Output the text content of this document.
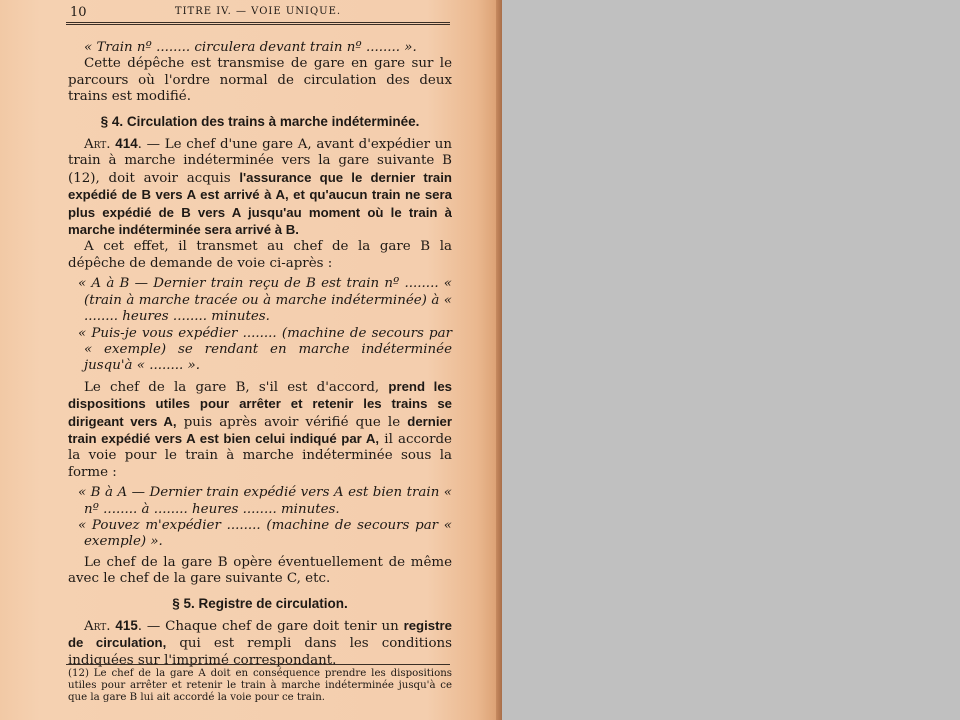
10	TITRE IV. — VOIE UNIQUE.

« Train nº ........ circulera devant train nº ........ ».

Cette dépêche est transmise de gare en gare sur le parcours où l'ordre normal de circulation des deux trains est modifié.

§ 4. Circulation des trains à marche indéterminée.

Art. 414. — Le chef d'une gare A, avant d'expédier un train à marche indéterminée vers la gare suivante B (12), doit avoir acquis l'assurance que le dernier train expédié de B vers A est arrivé à A, et qu'aucun train ne sera plus expédié de B vers A jusqu'au moment où le train à marche indéterminée sera arrivé à B.

A cet effet, il transmet au chef de la gare B la dépêche de demande de voie ci-après :

« A à B — Dernier train reçu de B est train nº ........ « (train à marche tracée ou à marche indéterminée) à « ........ heures ........ minutes.

« Puis-je vous expédier ........ (machine de secours par « exemple) se rendant en marche indéterminée jusqu'à « ........ ».

Le chef de la gare B, s'il est d'accord, prend les dispositions utiles pour arrêter et retenir les trains se dirigeant vers A, puis après avoir vérifié que le dernier train expédié vers A est bien celui indiqué par A, il accorde la voie pour le train à marche indéterminée sous la forme :

« B à A — Dernier train expédié vers A est bien train « nº ........ à ........ heures ........ minutes.

« Pouvez m'expédier ........ (machine de secours par « exemple) ».

Le chef de la gare B opère éventuellement de même avec le chef de la gare suivante C, etc.

§ 5. Registre de circulation.

Art. 415. — Chaque chef de gare doit tenir un registre de circulation, qui est rempli dans les conditions indiquées sur l'imprimé correspondant.

(12) Le chef de la gare A doit en conséquence prendre les dispositions utiles pour arrêter et retenir le train à marche indéterminée jusqu'à ce que la gare B lui ait accordé la voie pour ce train.
